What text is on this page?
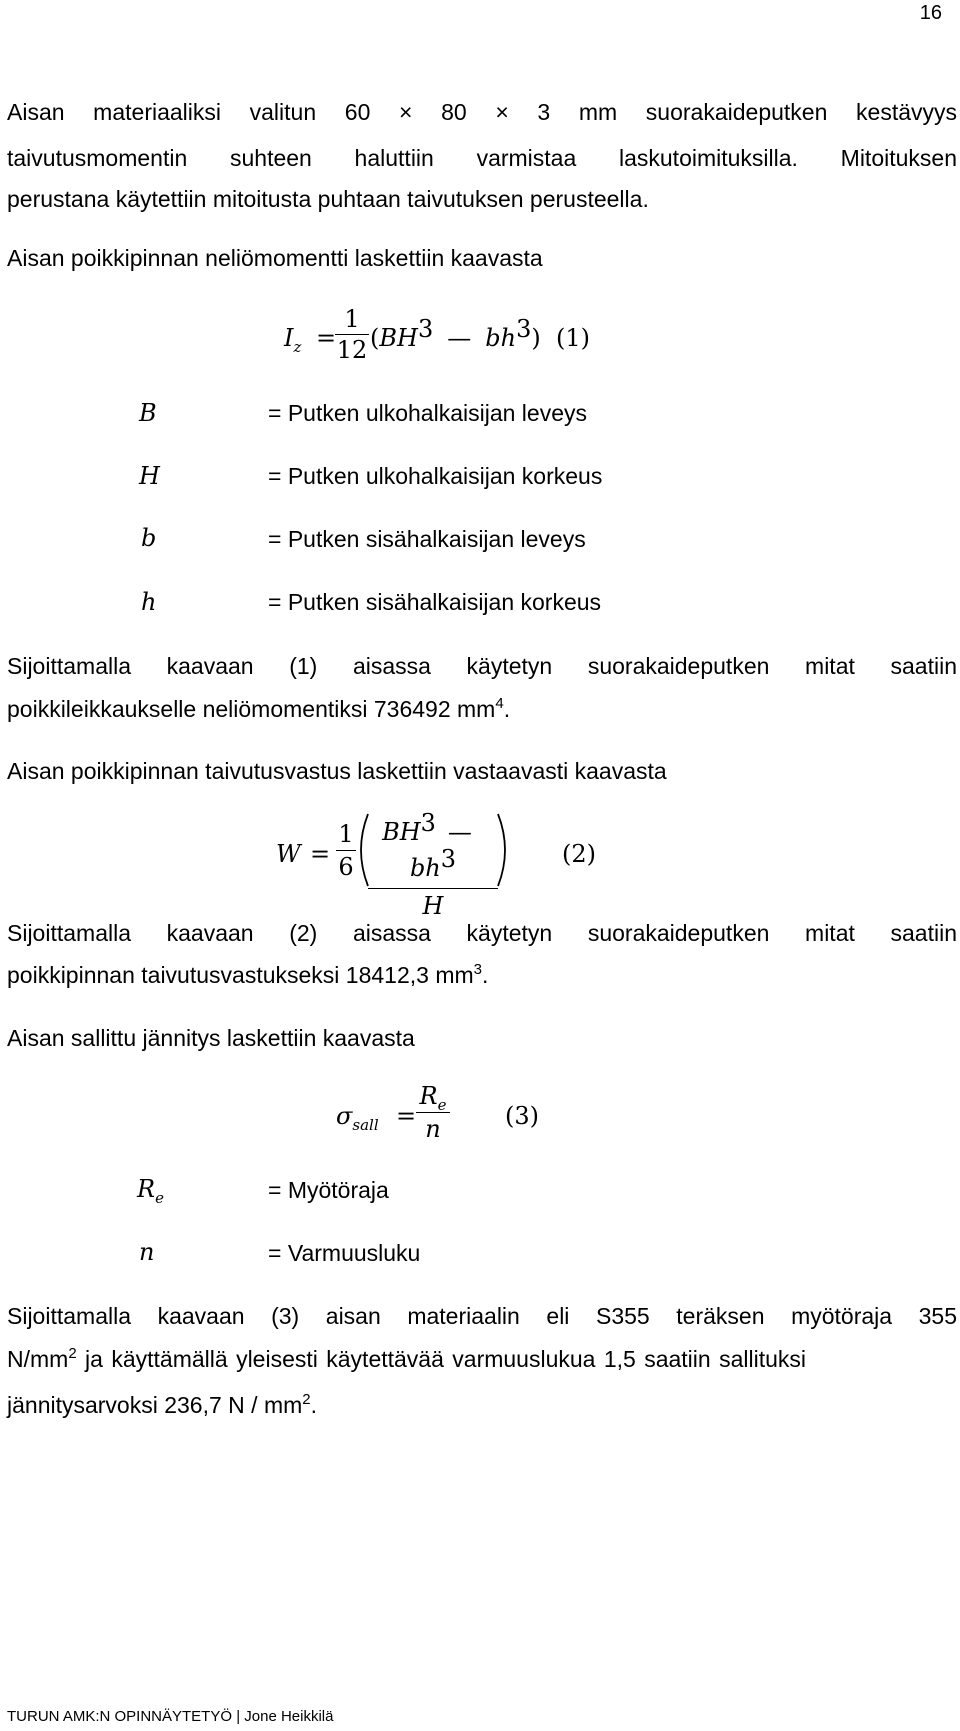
16
Aisan materiaaliksi valitun 60 × 80 × 3 mm suorakaideputken kestävyys
taivutusmomentin suhteen haluttiin varmistaa laskutoimituksilla. Mitoituksen
perustana käytettiin mitoitusta puhtaan taivutuksen perusteella.
Aisan poikkipinnan neliömomentti laskettiin kaavasta
$I_z$ =
1
12 ($BH^3$ — $bh^3$) (1)
B	= Putken ulkohalkaisijan leveys
H	= Putken ulkohalkaisijan korkeus
b	= Putken sisähalkaisijan leveys
h	= Putken sisähalkaisijan korkeus
Sijoittamalla kaavaan (1) aisassa käytetyn suorakaideputken mitat saatiin
poikkileikkaukselle neliömomentiksi 736492 $mm^4$.
Aisan poikkipinnan taivutusvastus laskettiin vastaavasti kaavasta
W =
1
6
$BH^3$ $—bh^3$
H
(2)
Sijoittamalla kaavaan (2) aisassa käytetyn suorakaideputken mitat saatiin
poikkipinnan taivutusvastukseksi 18412,3 $mm^3$.
Aisan sallittu jännitys laskettiin kaavasta
$\sigma_{sall}$ =
$R_e$
n	(3)
$R_e$	= Myötöraja
n	= Varmuusluku
Sijoittamalla kaavaan (3) aisan materiaalin eli S355 teräksen myötöraja 355
$N/mm^2$ ja käyttämällä yleisesti käytettävää varmuuslukua 1,5 saatiin sallituksi
jännitysarvoksi 236,7 N / $mm^2$.
TURUN AMK:N OPINNÄYTETYÖ | Jone Heikkilä
